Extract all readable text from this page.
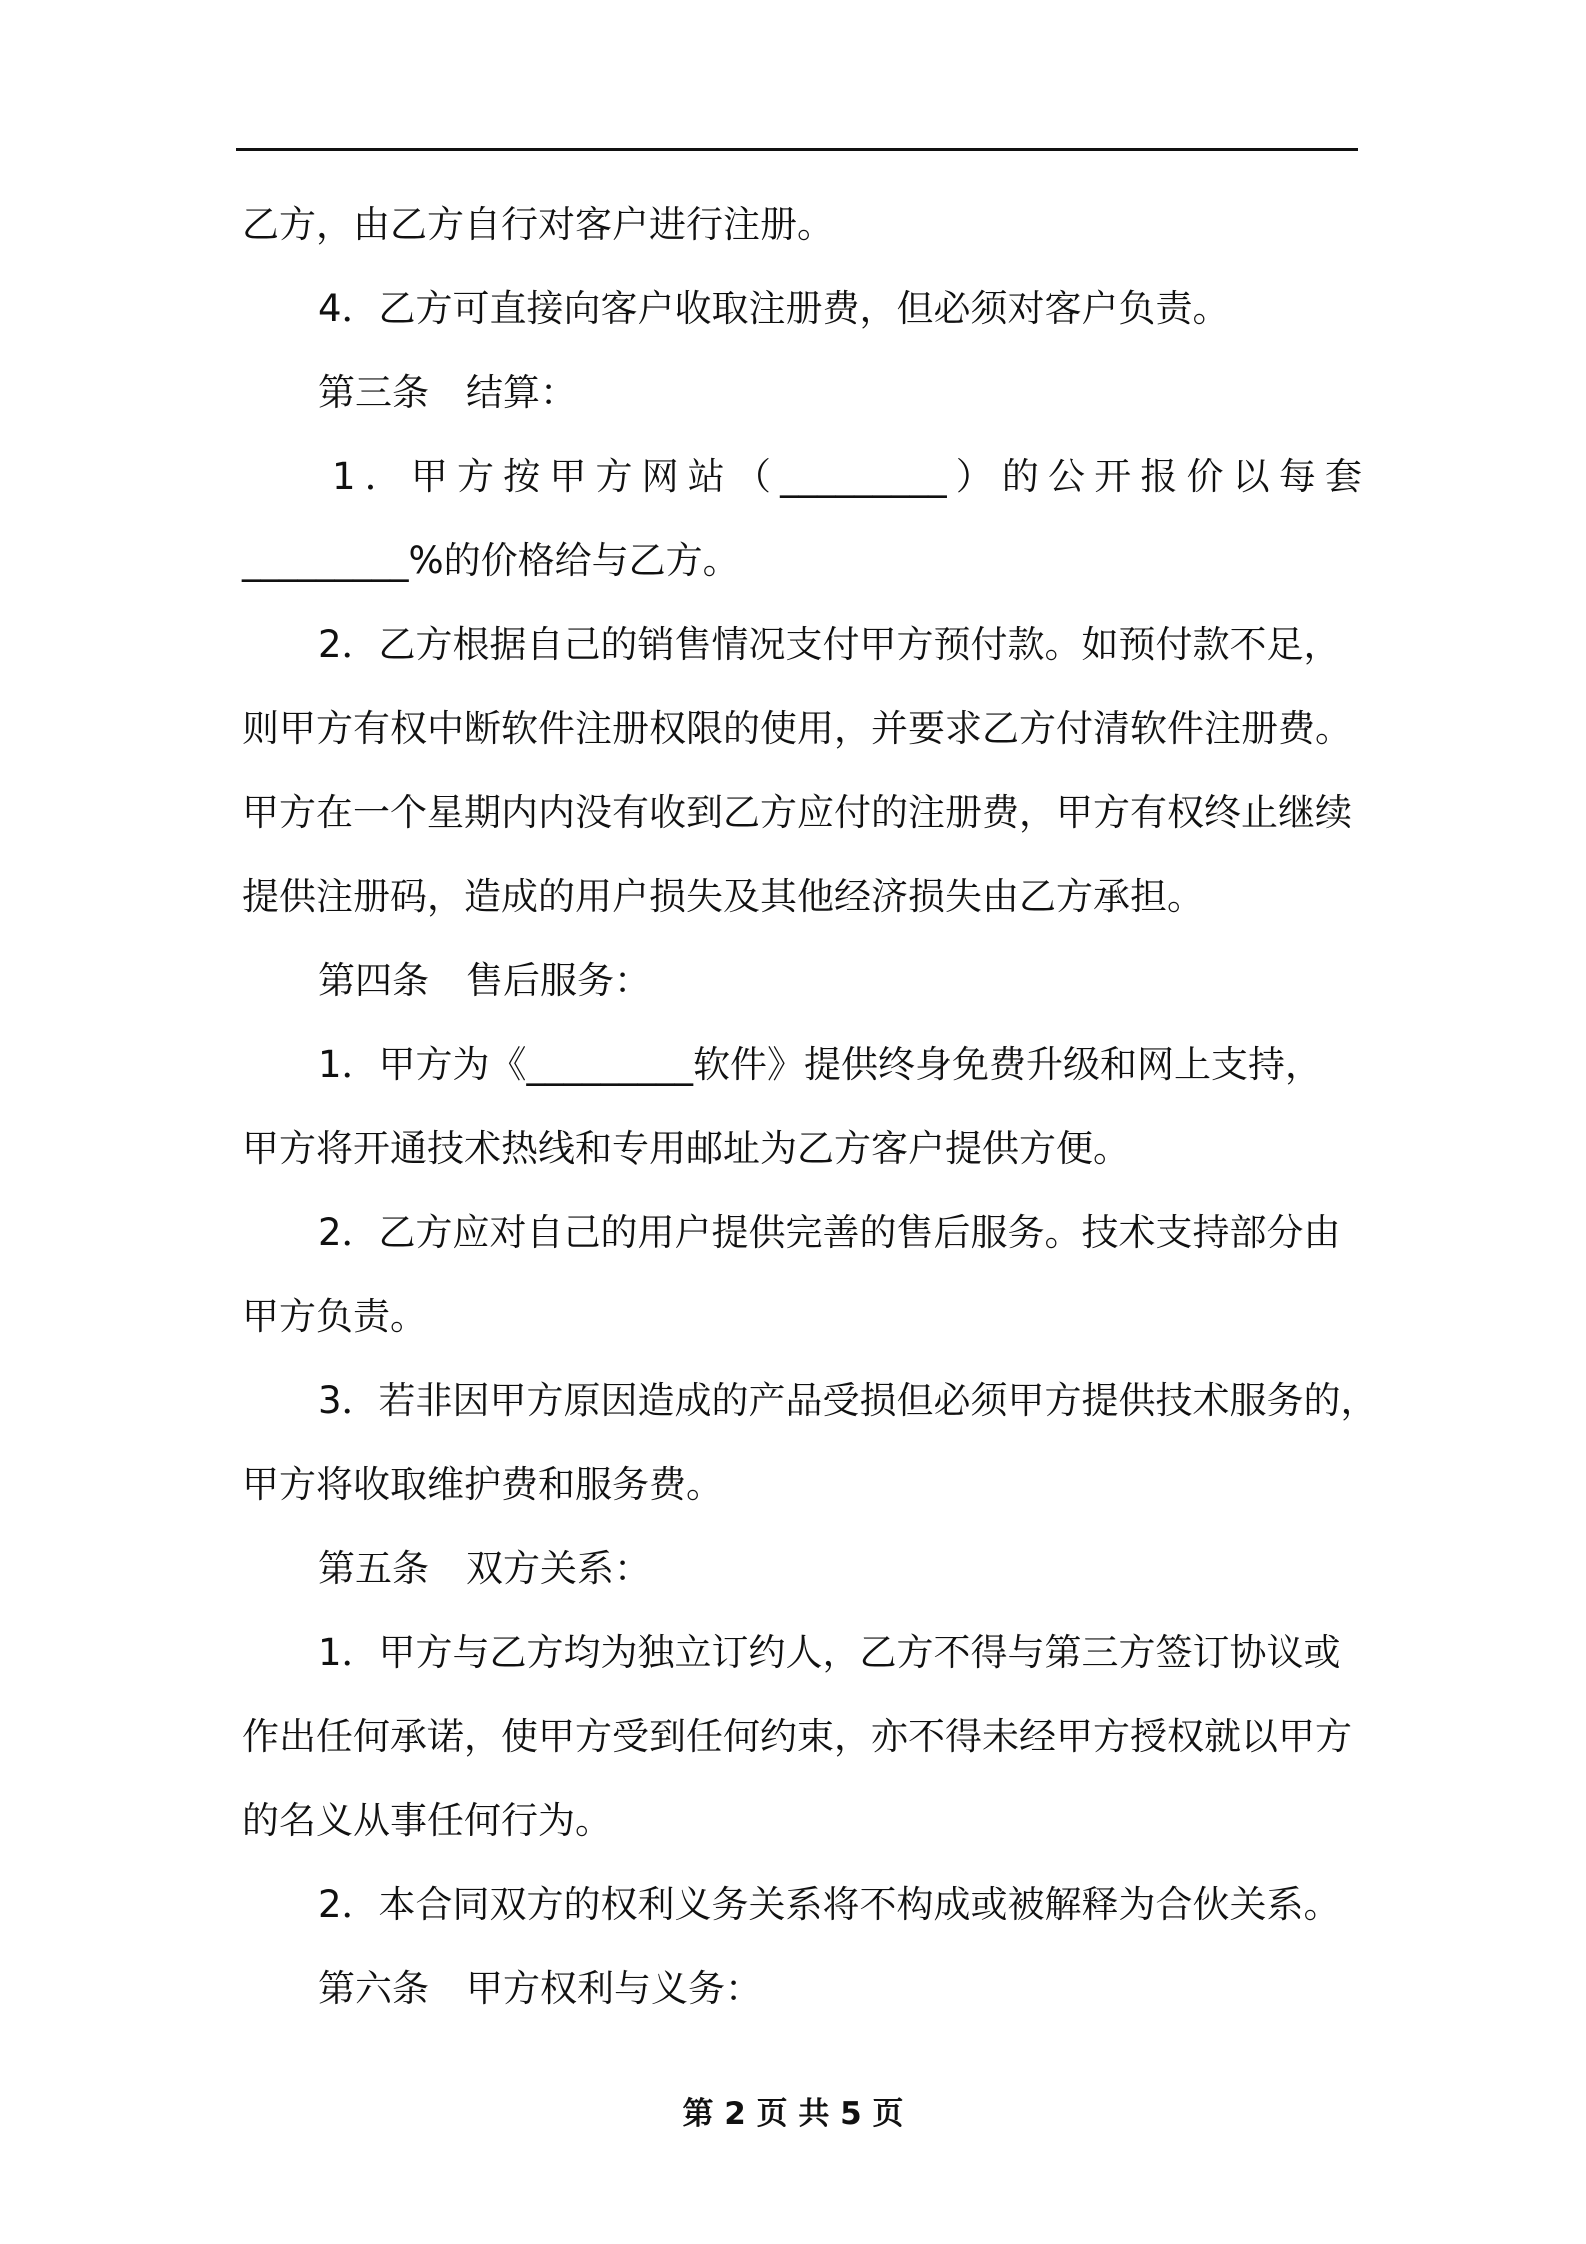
乙方，由乙方自行对客户进行注册。
4．乙方可直接向客户收取注册费，但必须对客户负责。
第三条　结算：
1．甲方按甲方网站（_________）的公开报价以每套
_________%的价格给与乙方。
2．乙方根据自己的销售情况支付甲方预付款。如预付款不足，
则甲方有权中断软件注册权限的使用，并要求乙方付清软件注册费。
甲方在一个星期内内没有收到乙方应付的注册费，甲方有权终止继续
提供注册码，造成的用户损失及其他经济损失由乙方承担。
第四条　售后服务：
1．甲方为《_________软件》提供终身免费升级和网上支持，
甲方将开通技术热线和专用邮址为乙方客户提供方便。
2．乙方应对自己的用户提供完善的售后服务。技术支持部分由
甲方负责。
3．若非因甲方原因造成的产品受损但必须甲方提供技术服务的，
甲方将收取维护费和服务费。
第五条　双方关系：
1．甲方与乙方均为独立订约人，乙方不得与第三方签订协议或
作出任何承诺，使甲方受到任何约束，亦不得未经甲方授权就以甲方
的名义从事任何行为。
2．本合同双方的权利义务关系将不构成或被解释为合伙关系。
第六条　甲方权利与义务：
第 2 页 共 5 页
